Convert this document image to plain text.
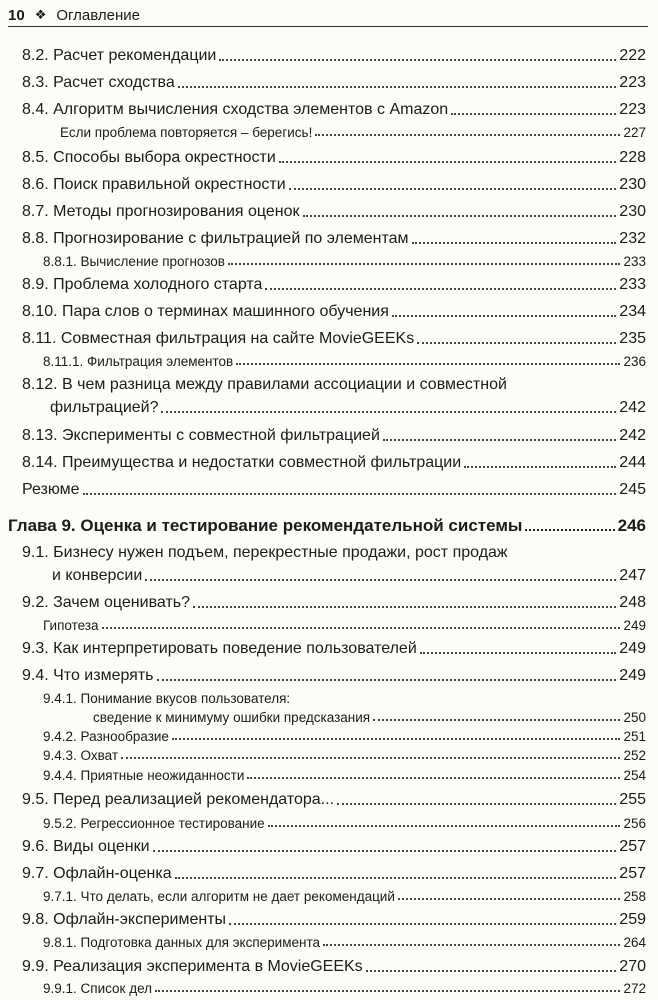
10 ❖ Оглавление
8.2. Расчет рекомендации	222
8.3. Расчет сходства	223
8.4. Алгоритм вычисления сходства элементов с Amazon	223
Если проблема повторяется – берегись!	227
8.5. Способы выбора окрестности	228
8.6. Поиск правильной окрестности	230
8.7. Методы прогнозирования оценок	230
8.8. Прогнозирование с фильтрацией по элементам	232
8.8.1. Вычисление прогнозов	233
8.9. Проблема холодного старта	233
8.10. Пара слов о терминах машинного обучения	234
8.11. Совместная фильтрация на сайте MovieGEEKs	235
8.11.1. Фильтрация элементов	236
8.12. В чем разница между правилами ассоциации и совместной
фильтрацией?	242
8.13. Эксперименты с совместной фильтрацией	242
8.14. Преимущества и недостатки совместной фильтрации	244
Резюме	245
Глава 9. Оценка и тестирование рекомендательной системы	246
9.1. Бизнесу нужен подъем, перекрестные продажи, рост продаж
и конверсии	247
9.2. Зачем оценивать?	248
Гипотеза	249
9.3. Как интерпретировать поведение пользователей	249
9.4. Что измерять	249
9.4.1. Понимание вкусов пользователя:
сведение к минимуму ошибки предсказания	250
9.4.2. Разнообразие	251
9.4.3. Охват	252
9.4.4. Приятные неожиданности	254
9.5. Перед реализацией рекомендатора...	255
9.5.2. Регрессионное тестирование	256
9.6. Виды оценки	257
9.7. Офлайн-оценка	257
9.7.1. Что делать, если алгоритм не дает рекомендаций	258
9.8. Офлайн-эксперименты	259
9.8.1. Подготовка данных для эксперимента	264
9.9. Реализация эксперимента в MovieGEEKs	270
9.9.1. Список дел	272
